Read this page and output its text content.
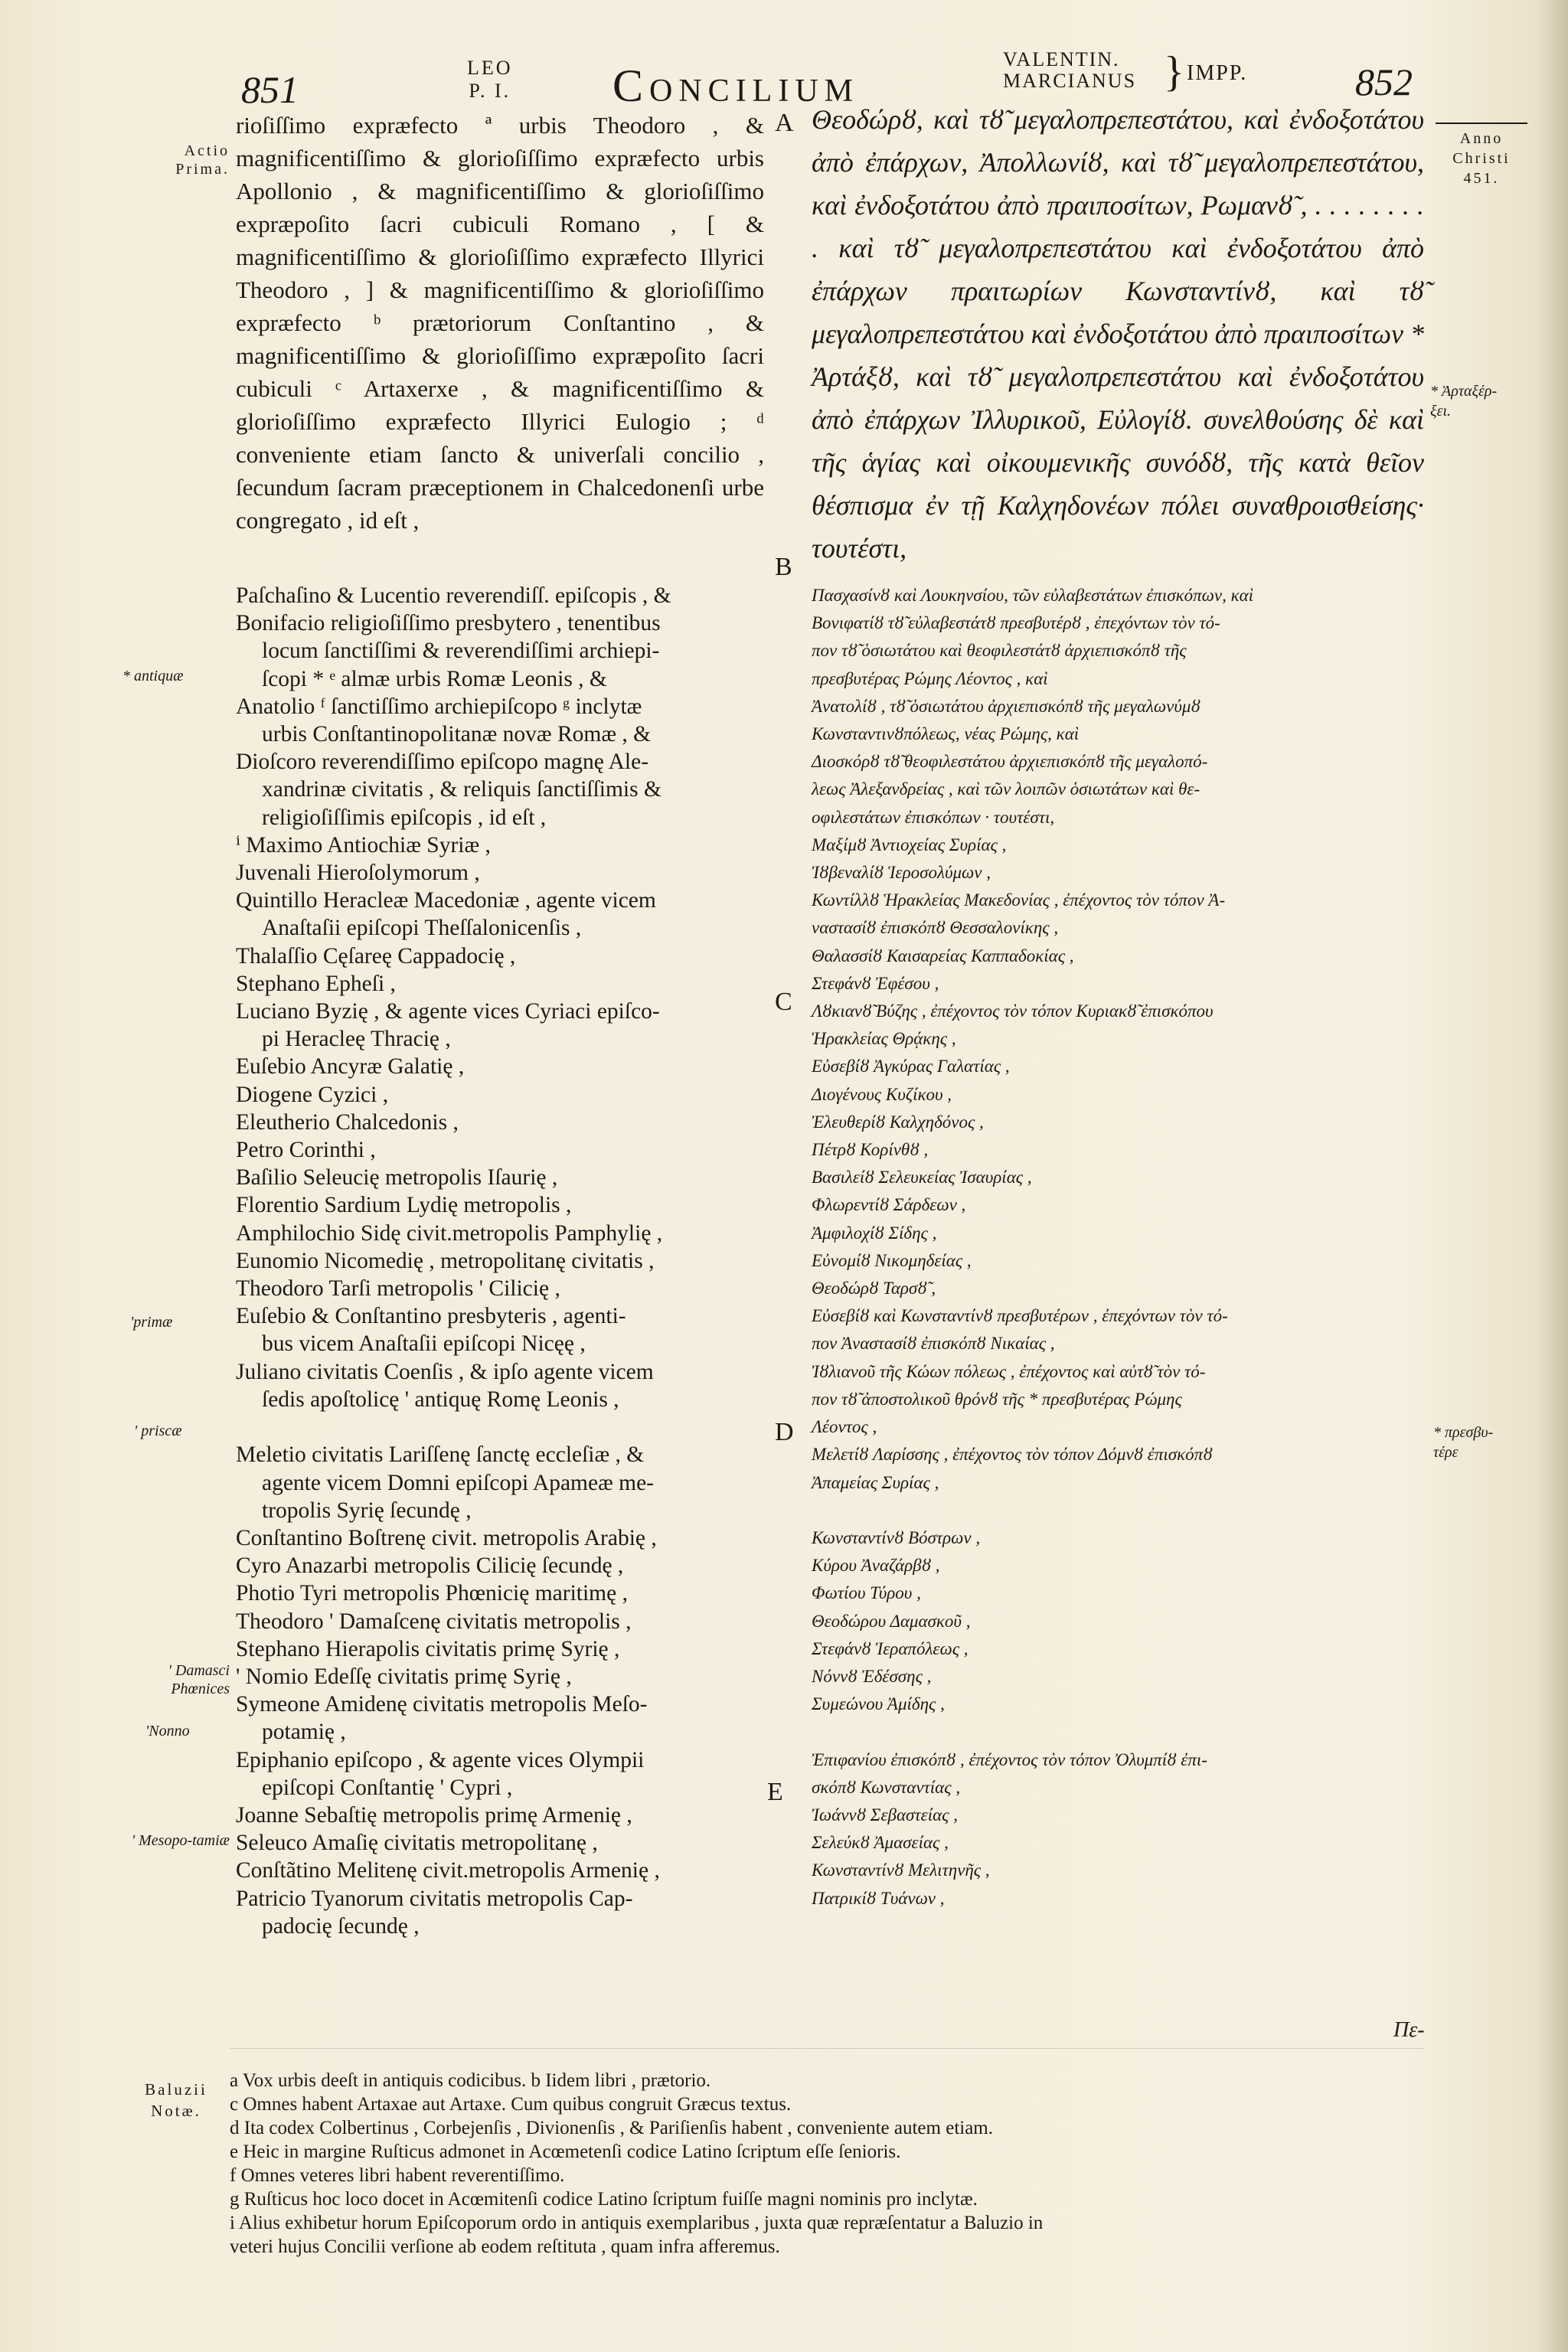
851
LEO
P. I. Concilium
VALENTIN.
MARCIANUS } IMPP.	852
Actio Prima.
Anno Christi 451.
A
B
C
D
E
* antiquæ
'primæ
' priscæ
' Damasci Phœnices
'Nonno
' Mesopo-tamiæ
* Ἀρταξέρ-ξει.
* πρεσβυ-τέρε
rioſiſſimo expræfecto ª urbis Theodoro , & magnificentiſſimo & glorioſiſſimo expræfecto urbis Apollonio , & magnificentiſſimo & glorioſiſſimo expræpoſito ſacri cubiculi Romano , [ & magnificentiſſimo & glorioſiſſimo expræfecto Illyrici Theodoro , ] & magnificentiſſimo & glorioſiſſimo expræfecto ᵇ prætoriorum Conſtantino , & magnificentiſſimo & glorioſiſſimo expræpoſito ſacri cubiculi ᶜ Artaxerxe , & magnificentiſſimo & glorioſiſſimo expræfecto Illyrici Eulogio ; ᵈ conveniente etiam ſancto & univerſali concilio , ſecundum ſacram præceptionem in Chalcedonenſi urbe congregato , id eſt ,
Θεοδώρȣ, καὶ τȣ̃ μεγαλοπρεπεστάτου, καὶ ἐνδοξοτάτου ἀπὸ ἐπάρχων, Ἀπολλωνίȣ, καὶ τȣ̃ μεγαλοπρεπεστάτου, καὶ ἐνδοξοτάτου ἀπὸ πραιποσίτων, Ρωμανȣ̃ , . . . . . . . . . καὶ τȣ̃ μεγαλοπρεπεστάτου καὶ ἐνδοξοτάτου ἀπὸ ἐπάρχων πραιτωρίων Κωνσταντίνȣ, καὶ τȣ̃ μεγαλοπρεπεστάτου καὶ ἐνδοξοτάτου ἀπὸ πραιποσίτων * Ἀρτάξȣ, καὶ τȣ̃ μεγαλοπρεπεστάτου καὶ ἐνδοξοτάτου ἀπὸ ἐπάρχων Ἰλλυρικοῦ, Εὐλογίȣ. συνελθούσης δὲ καὶ τῆς ἁγίας καὶ οἰκουμενικῆς συνόδȣ, τῆς κατὰ θεῖον θέσπισμα ἐν τῇ Καλχηδονέων πόλει συναθροισθείσης· τουτέστι,
Paſchaſino & Lucentio reverendiſſ. epiſcopis , &
Bonifacio religioſiſſimo presbytero , tenentibus
locum ſanctiſſimi & reverendiſſimi archiepi-
ſcopi * ᵉ almæ urbis Romæ Leonis , &
Anatolio ᶠ ſanctiſſimo archiepiſcopo ᵍ inclytæ
urbis Conſtantinopolitanæ novæ Romæ , &
Dioſcoro reverendiſſimo epiſcopo magnę Ale-
xandrinæ civitatis , & reliquis ſanctiſſimis &
religioſiſſimis epiſcopis , id eſt ,
ⁱ Maximo Antiochiæ Syriæ ,
Juvenali Hieroſolymorum ,
Quintillo Heracleæ Macedoniæ , agente vicem
Anaſtaſii epiſcopi Theſſalonicenſis ,
Thalaſſio Cęſareę Cappadocię ,
Stephano Epheſi ,
Luciano Byzię , & agente vices Cyriaci epiſco-
pi Heracleę Thracię ,
Euſebio Ancyræ Galatię ,
Diogene Cyzici ,
Eleutherio Chalcedonis ,
Petro Corinthi ,
Baſilio Seleucię metropolis Iſaurię ,
Florentio Sardium Lydię metropolis ,
Amphilochio Sidę civit.metropolis Pamphylię ,
Eunomio Nicomedię , metropolitanę civitatis ,
Theodoro Tarſi metropolis ' Cilicię ,
Euſebio & Conſtantino presbyteris , agenti-
bus vicem Anaſtaſii epiſcopi Nicęę ,
Juliano civitatis Coenſis , & ipſo agente vicem
ſedis apoſtolicę ' antiquę Romę Leonis ,

Meletio civitatis Lariſſenę ſanctę eccleſiæ , &
agente vicem Domni epiſcopi Apameæ me-
tropolis Syrię ſecundę ,
Conſtantino Boſtrenę civit. metropolis Arabię ,
Cyro Anazarbi metropolis Cilicię ſecundę ,
Photio Tyri metropolis Phœnicię maritimę ,
Theodoro ' Damaſcenę civitatis metropolis ,
Stephano Hierapolis civitatis primę Syrię ,
' Nomio Edeſſę civitatis primę Syrię ,
Symeone Amidenę civitatis metropolis Meſo-
potamię ,
Epiphanio epiſcopo , & agente vices Olympii
epiſcopi Conſtantię ' Cypri ,
Joanne Sebaſtię metropolis primę Armenię ,
Seleuco Amaſię civitatis metropolitanę ,
Conſtãtino Melitenę civit.metropolis Armenię ,
Patricio Tyanorum civitatis metropolis Cap-
padocię ſecundę ,
Πασχασίνȣ καὶ Λουκηνσίου, τῶν εὐλαβεστάτων ἐπισκόπων, καὶ
Βονιφατίȣ τȣ̃ εὐλαβεστάτȣ πρεσβυτέρȣ , ἐπεχόντων τὸν τό-
πον τȣ̃ ὁσιωτάτου καὶ θεοφιλεστάτȣ ἀρχιεπισκόπȣ τῆς
πρεσβυτέρας Ρώμης Λέοντος , καὶ
Ἀνατολίȣ , τȣ̃ ὁσιωτάτου ἀρχιεπισκόπȣ τῆς μεγαλωνύμȣ
Κωνσταντινȣπόλεως, νέας Ρώμης, καὶ
Διοσκόρȣ τȣ̃ θεοφιλεστάτου ἀρχιεπισκόπȣ τῆς μεγαλοπό-
λεως Ἀλεξανδρείας , καὶ τῶν λοιπῶν ὁσιωτάτων καὶ θε-
οφιλεστάτων ἐπισκόπων · τουτέστι,
Μαξίμȣ Ἀντιοχείας Συρίας ,
Ἰȣβεναλίȣ Ἱεροσολύμων ,
Κωντίλλȣ Ἡρακλείας Μακεδονίας , ἐπέχοντος τὸν τόπον Ἀ-
ναστασίȣ ἐπισκόπȣ Θεσσαλονίκης ,
Θαλασσίȣ Καισαρείας Καππαδοκίας ,
Στεφάνȣ Ἐφέσου ,
Λȣκιανȣ̃ Βύζης , ἐπέχοντος τὸν τόπον Κυριακȣ̃ ἐπισκόπου
Ἡρακλείας Θρᾴκης ,
Εὐσεβίȣ Ἀγκύρας Γαλατίας ,
Διογένους Κυζίκου ,
Ἐλευθερίȣ Καλχηδόνος ,
Πέτρȣ Κορίνθȣ ,
Βασιλείȣ Σελευκείας Ἰσαυρίας ,
Φλωρεντίȣ Σάρδεων ,
Ἀμφιλοχίȣ Σίδης ,
Εὐνομίȣ Νικομηδείας ,
Θεοδώρȣ Ταρσȣ̃ ,
Εὐσεβίȣ καὶ Κωνσταντίνȣ πρεσβυτέρων , ἐπεχόντων τὸν τό-
πον Ἀναστασίȣ ἐπισκόπȣ Νικαίας ,
Ἰȣλιανοῦ τῆς Κώων πόλεως , ἐπέχοντος καὶ αὐτȣ̃ τὸν τό-
πον τȣ̃ ἀποστολικοῦ θρόνȣ τῆς * πρεσβυτέρας Ρώμης
Λέοντος ,
Μελετίȣ Λαρίσσης , ἐπέχοντος τὸν τόπον Δόμνȣ ἐπισκόπȣ
Ἀπαμείας Συρίας ,

Κωνσταντίνȣ Βόστρων ,
Κύρου Ἀναζάρβȣ ,
Φωτίου Τύρου ,
Θεοδώρου Δαμασκοῦ ,
Στεφάνȣ Ἱεραπόλεως ,
Νόννȣ Ἐδέσσης ,
Συμεώνου Ἀμίδης ,

Ἐπιφανίου ἐπισκόπȣ , ἐπέχοντος τὸν τόπον Ὀλυμπίȣ ἐπι-
σκόπȣ Κωνσταντίας ,
Ἰωάννȣ Σεβαστείας ,
Σελεύκȣ Ἀμασείας ,
Κωνσταντίνȣ Μελιτηνῆς ,
Πατρικίȣ Τυάνων ,
Πε-
Baluzii Notæ.
a Vox urbis deeſt in antiquis codicibus. b Iidem libri , prætorio.
c Omnes habent Artaxae aut Artaxe. Cum quibus congruit Græcus textus.
d Ita codex Colbertinus , Corbejenſis , Divionenſis , & Pariſienſis habent , conveniente autem etiam.
e Heic in margine Ruſticus admonet in Acœmetenſi codice Latino ſcriptum eſſe ſenioris.
f Omnes veteres libri habent reverentiſſimo.
g Ruſticus hoc loco docet in Acœmitenſi codice Latino ſcriptum fuiſſe magni nominis pro inclytæ.
i Alius exhibetur horum Epiſcoporum ordo in antiquis exemplaribus , juxta quæ repræſentatur a Baluzio in
veteri hujus Concilii verſione ab eodem reſtituta , quam infra afferemus.
